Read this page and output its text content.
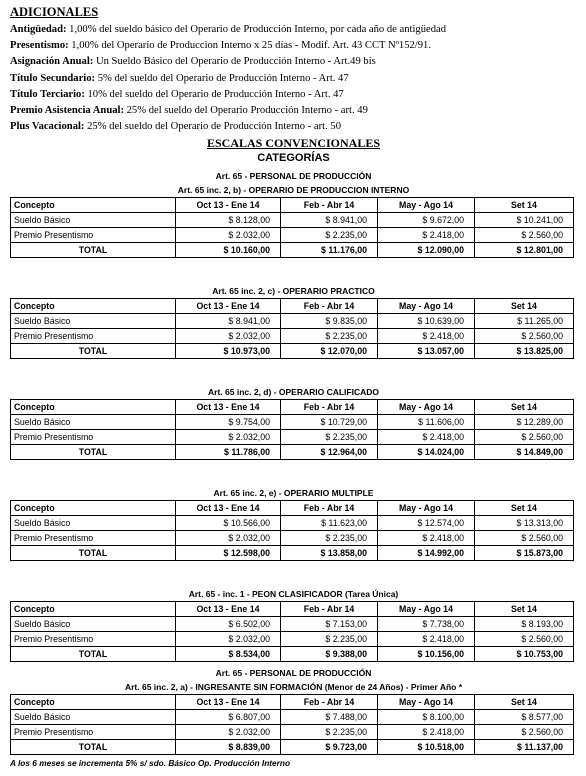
ADICIONALES
Antigüedad: 1,00% del sueldo básico del Operario de Producción Interno, por cada año de antigüedad
Presentismo: 1,00% del Operario de Produccion Interno x 25 días - Modif. Art. 43 CCT Nº152/91.
Asignación Anual: Un Sueldo Básico del Operario de Producción Interno - Art.49 bis
Título Secundario: 5% del sueldo del Operario de Producción Interno - Art. 47
Título Terciario: 10% del sueldo del Operario de Producción Interno - Art. 47
Premio Asistencia Anual: 25% del sueldo del Operario Producción Interno - art. 49
Plus Vacacional: 25% del sueldo del Operario de Producción Interno - art. 50
ESCALAS CONVENCIONALES
CATEGORÍAS
Art. 65 - PERSONAL DE PRODUCCIÓN
Art. 65 inc. 2, b) - OPERARIO DE PRODUCCION INTERNO
Concepto	Oct 13 - Ene 14	Feb - Abr 14	May - Ago 14	Set 14
Sueldo Básico	$ 8.128,00	$ 8.941,00	$ 9.672,00	$ 10.241,00
Premio Presentismo	$ 2.032,00	$ 2.235,00	$ 2.418,00	$ 2.560,00
TOTAL	$ 10.160,00	$ 11.176,00	$ 12.090,00	$ 12.801,00
Art. 65 inc. 2, c) - OPERARIO PRACTICO
Concepto	Oct 13 - Ene 14	Feb - Abr 14	May - Ago 14	Set 14
Sueldo Básico	$ 8.941,00	$ 9.835,00	$ 10.639,00	$ 11.265,00
Premio Presentismo	$ 2.032,00	$ 2.235,00	$ 2.418,00	$ 2.560,00
TOTAL	$ 10.973,00	$ 12.070,00	$ 13.057,00	$ 13.825,00
Art. 65 inc. 2, d) - OPERARIO CALIFICADO
Concepto	Oct 13 - Ene 14	Feb - Abr 14	May - Ago 14	Set 14
Sueldo Básico	$ 9.754,00	$ 10.729,00	$ 11.606,00	$ 12.289,00
Premio Presentismo	$ 2.032,00	$ 2.235,00	$ 2.418,00	$ 2.560,00
TOTAL	$ 11.786,00	$ 12.964,00	$ 14.024,00	$ 14.849,00
Art. 65 inc. 2, e) - OPERARIO MULTIPLE
Concepto	Oct 13 - Ene 14	Feb - Abr 14	May - Ago 14	Set 14
Sueldo Básico	$ 10.566,00	$ 11.623,00	$ 12.574,00	$ 13.313,00
Premio Presentismo	$ 2.032,00	$ 2.235,00	$ 2.418,00	$ 2.560,00
TOTAL	$ 12.598,00	$ 13.858,00	$ 14.992,00	$ 15.873,00
Art. 65 - inc. 1 - PEON CLASIFICADOR (Tarea Única)
Concepto	Oct 13 - Ene 14	Feb - Abr 14	May - Ago 14	Set 14
Sueldo Básico	$ 6.502,00	$ 7.153,00	$ 7.738,00	$ 8.193,00
Premio Presentismo	$ 2.032,00	$ 2.235,00	$ 2.418,00	$ 2.560,00
TOTAL	$ 8.534,00	$ 9.388,00	$ 10.156,00	$ 10.753,00
Art. 65 - PERSONAL DE PRODUCCIÓN
Art. 65 inc. 2, a) - INGRESANTE SIN FORMACIÓN (Menor de 24 Años) - Primer Año *
Concepto	Oct 13 - Ene 14	Feb - Abr 14	May - Ago 14	Set 14
Sueldo Básico	$ 6.807,00	$ 7.488,00	$ 8.100,00	$ 8.577,00
Premio Presentismo	$ 2.032,00	$ 2.235,00	$ 2.418,00	$ 2.560,00
TOTAL	$ 8.839,00	$ 9.723,00	$ 10.518,00	$ 11.137,00
A los 6 meses se incrementa 5% s/ sdo. Básico Op. Producción Interno
